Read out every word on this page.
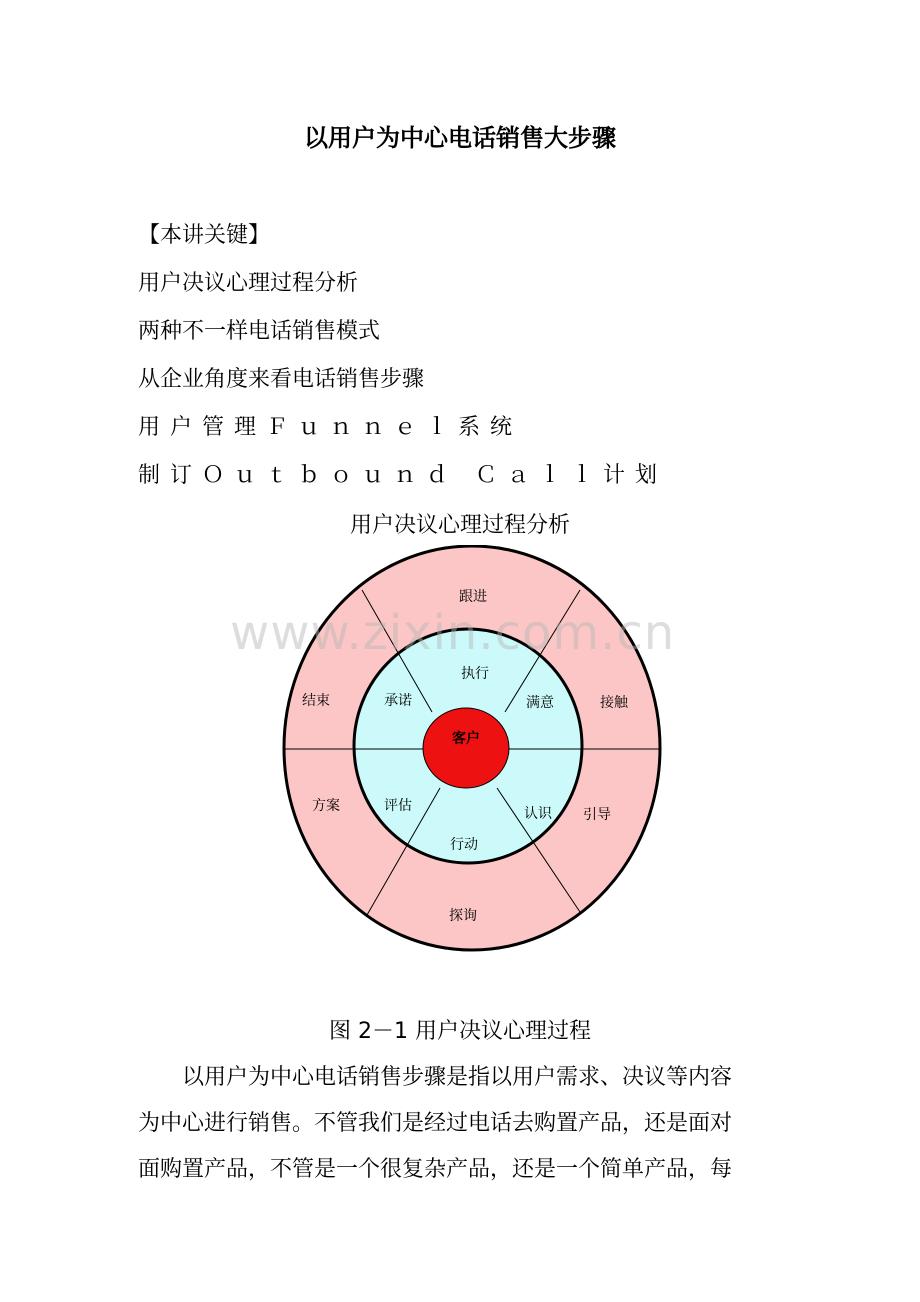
以用户为中心电话销售大步骤
【本讲关键】
用户决议心理过程分析
两种不一样电话销售模式
从企业角度来看电话销售步骤
用户管理Ｆｕｎｎｅｌ系统
制订Ｏｕｔｂｏｕｎｄ Ｃａｌｌ计划
用户决议心理过程分析
客户
执行
满意
认识
行动
评估
承诺
跟进
接触
引导
探询
方案
结束
www.zixin.com.cn
图 2－1 用户决议心理过程

以用户为中心电话销售步骤是指以用户需求、决议等内容

为中心进行销售。不管我们是经过电话去购置产品，还是面对

面购置产品，不管是一个很复杂产品，还是一个简单产品，每
